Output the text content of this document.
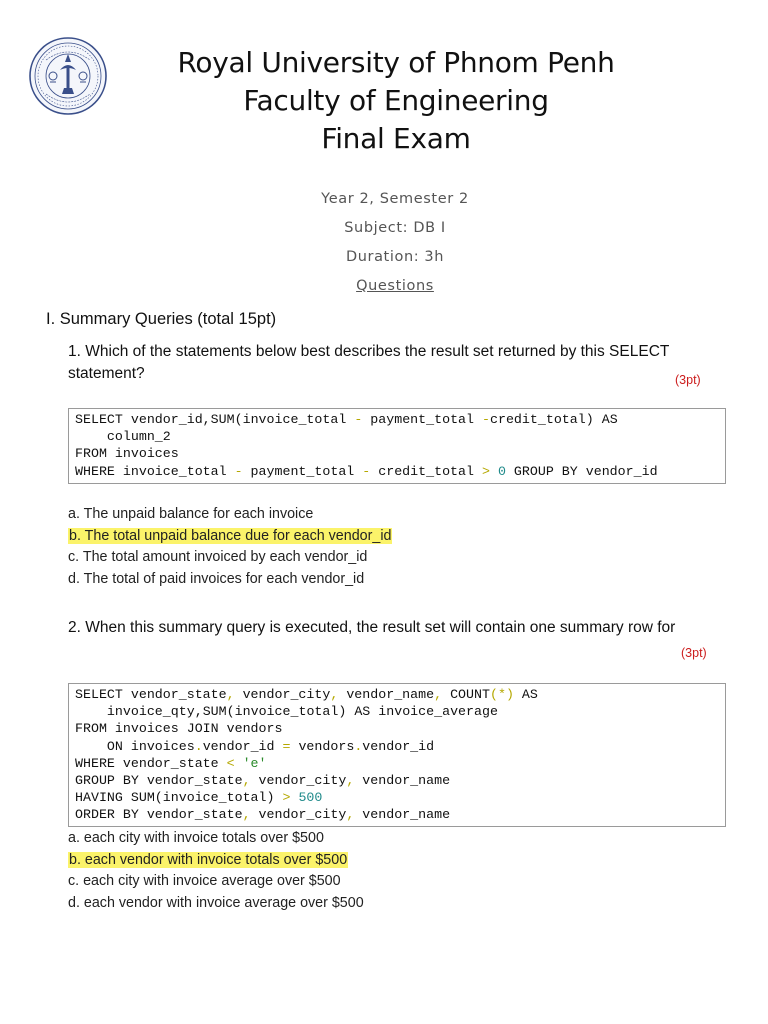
Royal University of Phnom Penh
Faculty of Engineering
Final Exam
Year 2, Semester 2
Subject: DB I
Duration: 3h
Questions
I. Summary Queries (total 15pt)
1. Which of the statements below best describes the result set returned by this SELECT statement?	(3pt)
SELECT vendor_id,SUM(invoice_total - payment_total -credit_total) AS
column_2
FROM invoices
WHERE invoice_total - payment_total - credit_total > 0 GROUP BY vendor_id
a. The unpaid balance for each invoice
b. The total unpaid balance due for each vendor_id
c. The total amount invoiced by each vendor_id
d. The total of paid invoices for each vendor_id
2. When this summary query is executed, the result set will contain one summary row for
(3pt)
SELECT vendor_state, vendor_city, vendor_name, COUNT(*) AS
invoice_qty,SUM(invoice_total) AS invoice_average
FROM invoices JOIN vendors
ON invoices.vendor_id = vendors.vendor_id
WHERE vendor_state < 'e'
GROUP BY vendor_state, vendor_city, vendor_name
HAVING SUM(invoice_total) > 500
ORDER BY vendor_state, vendor_city, vendor_name
a. each city with invoice totals over $500
b. each vendor with invoice totals over $500
c. each city with invoice average over $500
d. each vendor with invoice average over $500
